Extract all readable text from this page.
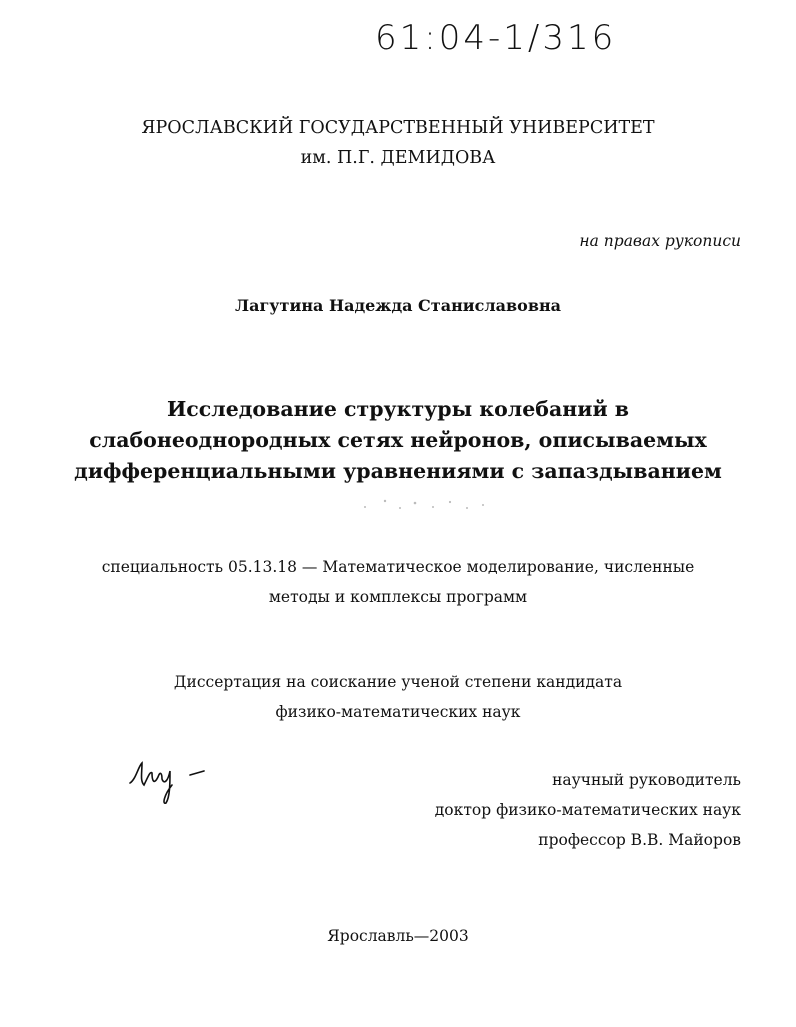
61:04-1/316
ЯРОСЛАВСКИЙ ГОСУДАРСТВЕННЫЙ УНИВЕРСИТЕТ
им. П.Г. ДЕМИДОВА
на правах рукописи
Лагутина Надежда Станиславовна
Исследование структуры колебаний в
слабонеоднородных сетях нейронов, описываемых
дифференциальными уравнениями с запаздыванием
специальность 05.13.18 — Математическое моделирование, численные
методы и комплексы программ
Диссертация на соискание ученой степени кандидата
физико-математических наук
научный руководитель
доктор физико-математических наук
профессор В.В. Майоров
Ярославль—2003
